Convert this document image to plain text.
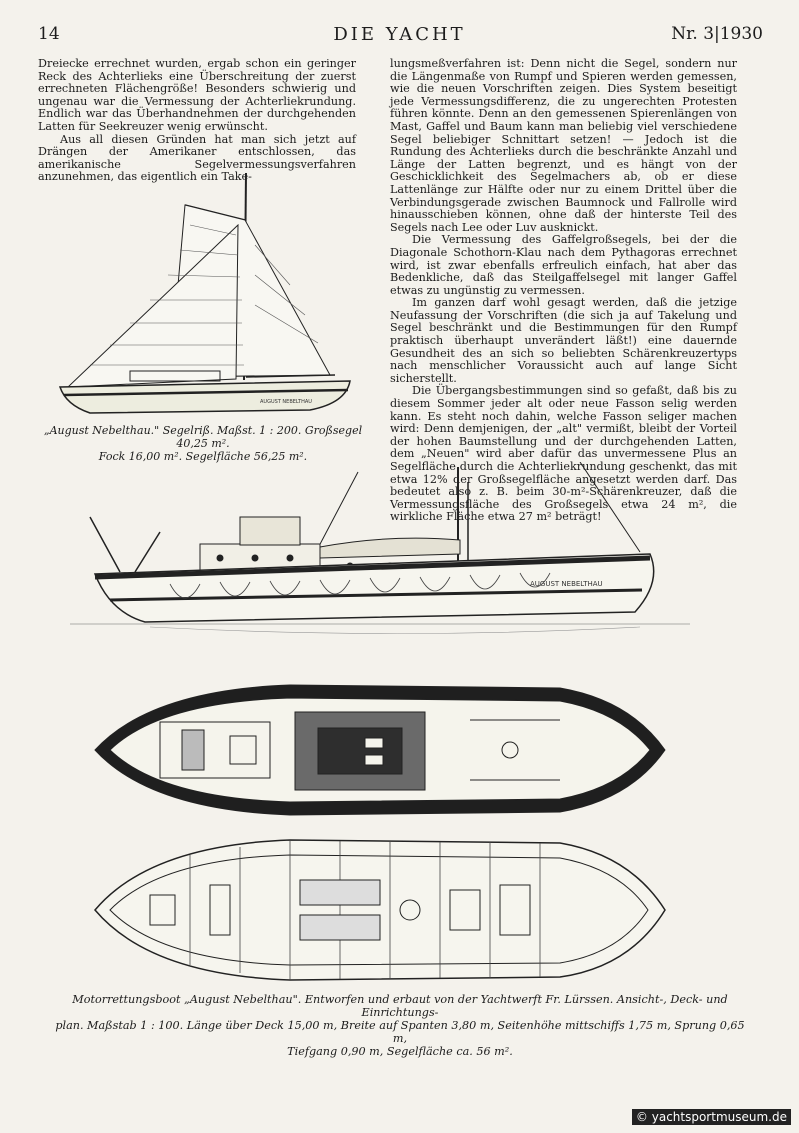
14	DIE YACHT	Nr. 3|1930

Dreiecke errechnet wurden, ergab schon ein geringer Reck des Achterlieks eine Überschreitung der zuerst errechneten Flächengröße! Besonders schwierig und ungenau war die Vermessung der Achterliekrundung. Endlich war das Überhandnehmen der durchgehenden Latten für Seekreuzer wenig erwünscht.

Aus all diesen Gründen hat man sich jetzt auf Drängen der Amerikaner entschlossen, das amerikanische Segelvermessungsverfahren anzunehmen, das eigentlich ein Take-

lungsmeßverfahren ist: Denn nicht die Segel, sondern nur die Längenmaße von Rumpf und Spieren werden gemessen, wie die neuen Vorschriften zeigen. Dies System beseitigt jede Vermessungsdifferenz, die zu ungerechten Protesten führen könnte. Denn an den gemessenen Spierenlängen von Mast, Gaffel und Baum kann man beliebig viel verschiedene Segel beliebiger Schnittart setzen! — Jedoch ist die Rundung des Achterlieks durch die beschränkte Anzahl und Länge der Latten begrenzt, und es hängt von der Geschicklichkeit des Segelmachers ab, ob er diese Lattenlänge zur Hälfte oder nur zu einem Drittel über die Verbindungsgerade zwischen Baumnock und Fallrolle wird hinausschieben können, ohne daß der hinterste Teil des Segels nach Lee oder Luv ausknickt.

Die Vermessung des Gaffelgroßsegels, bei der die Diagonale Schothorn-Klau nach dem Pythagoras errechnet wird, ist zwar ebenfalls erfreulich einfach, hat aber das Bedenkliche, daß das Steilgaffelsegel mit langer Gaffel etwas zu ungünstig zu vermessen.

Im ganzen darf wohl gesagt werden, daß die jetzige Neufassung der Vorschriften (die sich ja auf Takelung und Segel beschränkt und die Bestimmungen für den Rumpf praktisch überhaupt unverändert läßt!) eine dauernde Gesundheit des an sich so beliebten Schärenkreuzertyps nach menschlicher Voraussicht auch auf lange Sicht sicherstellt.

Die Übergangsbestimmungen sind so gefaßt, daß bis zu diesem Sommer jeder alt oder neue Fasson selig werden kann. Es steht noch dahin, welche Fasson seliger machen wird: Denn demjenigen, der „alt" vermißt, bleibt der Vorteil der hohen Baumstellung und der durchgehenden Latten, dem „Neuen" wird aber dafür das unvermessene Plus an Segelfläche durch die Achterliekrundung geschenkt, das mit etwa 12% der Großsegelfläche angesetzt werden darf. Das bedeutet also z. B. beim 30-m²-Schärenkreuzer, daß die Vermessungsfläche des Großsegels etwa 24 m², die wirkliche Fläche etwa 27 m² beträgt!

AUGUST NEBELTHAU
„August Nebelthau." Segelriß. Maßst. 1 : 200. Großsegel 40,25 m².
Fock 16,00 m². Segelfläche 56,25 m².
AUGUST NEBELTHAU
Motorrettungsboot „August Nebelthau". Entworfen und erbaut von der Yachtwerft Fr. Lürssen. Ansicht-, Deck- und Einrichtungs-
plan. Maßstab 1 : 100. Länge über Deck 15,00 m, Breite auf Spanten 3,80 m, Seitenhöhe mittschiffs 1,75 m, Sprung 0,65 m,
Tiefgang 0,90 m, Segelfläche ca. 56 m².
© yachtsportmuseum.de
